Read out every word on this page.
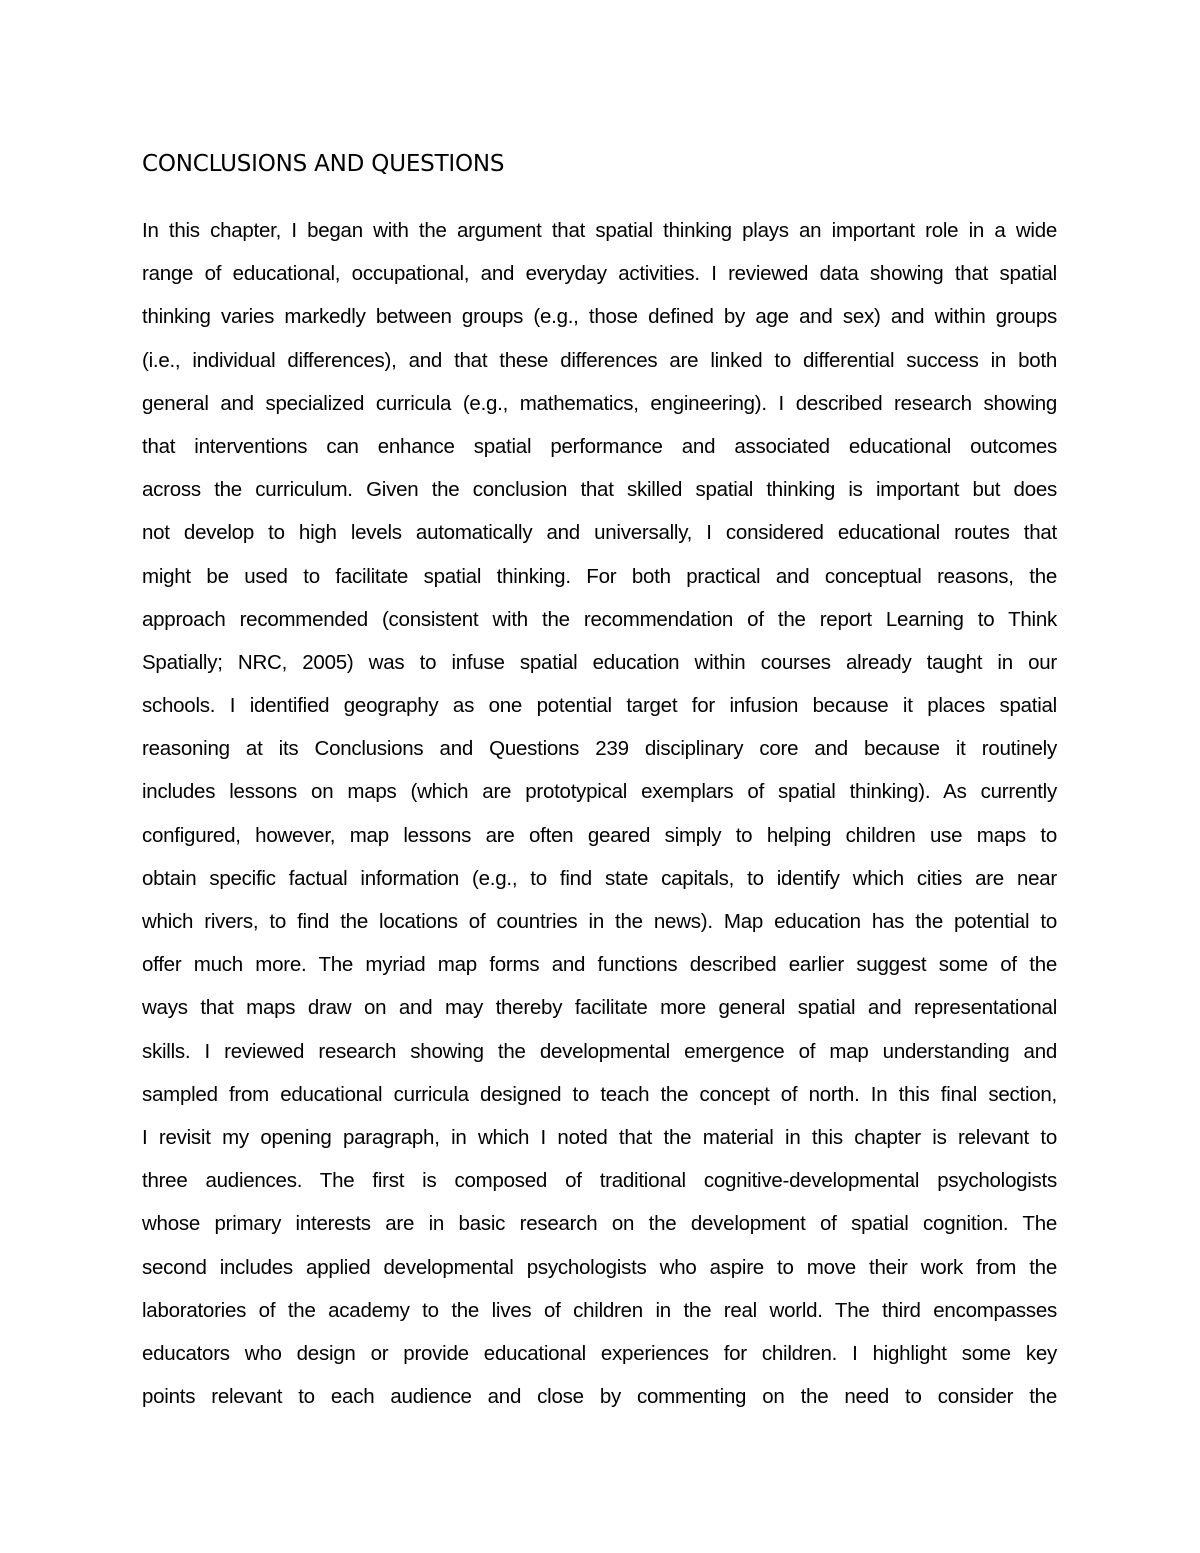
CONCLUSIONS AND QUESTIONS
In this chapter, I began with the argument that spatial thinking plays an important role in a wide
range of educational, occupational, and everyday activities. I reviewed data showing that spatial
thinking varies markedly between groups (e.g., those defined by age and sex) and within groups
(i.e., individual differences), and that these differences are linked to differential success in both
general and specialized curricula (e.g., mathematics, engineering). I described research showing
that interventions can enhance spatial performance and associated educational outcomes
across the curriculum. Given the conclusion that skilled spatial thinking is important but does
not develop to high levels automatically and universally, I considered educational routes that
might be used to facilitate spatial thinking. For both practical and conceptual reasons, the
approach recommended (consistent with the recommendation of the report Learning to Think
Spatially; NRC, 2005) was to infuse spatial education within courses already taught in our
schools. I identified geography as one potential target for infusion because it places spatial
reasoning at its Conclusions and Questions 239 disciplinary core and because it routinely
includes lessons on maps (which are prototypical exemplars of spatial thinking). As currently
configured, however, map lessons are often geared simply to helping children use maps to
obtain specific factual information (e.g., to find state capitals, to identify which cities are near
which rivers, to find the locations of countries in the news). Map education has the potential to
offer much more. The myriad map forms and functions described earlier suggest some of the
ways that maps draw on and may thereby facilitate more general spatial and representational
skills. I reviewed research showing the developmental emergence of map understanding and
sampled from educational curricula designed to teach the concept of north. In this final section,
I revisit my opening paragraph, in which I noted that the material in this chapter is relevant to
three audiences. The first is composed of traditional cognitive-developmental psychologists
whose primary interests are in basic research on the development of spatial cognition. The
second includes applied developmental psychologists who aspire to move their work from the
laboratories of the academy to the lives of children in the real world. The third encompasses
educators who design or provide educational experiences for children. I highlight some key
points relevant to each audience and close by commenting on the need to consider the
